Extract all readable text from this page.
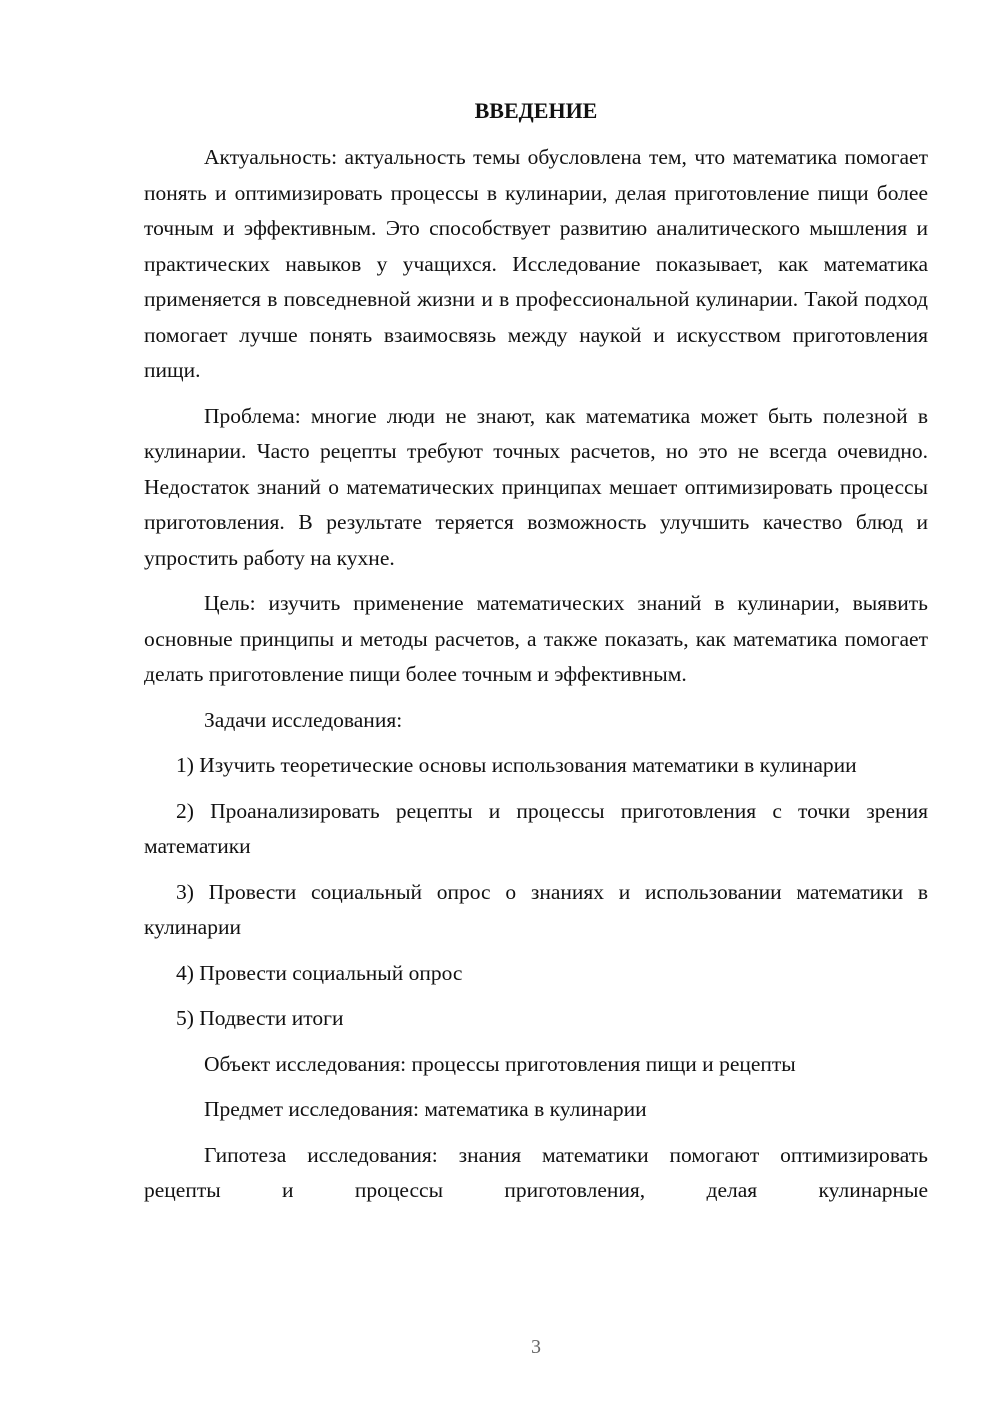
ВВЕДЕНИЕ

Актуальность: актуальность темы обусловлена тем, что математика помогает понять и оптимизировать процессы в кулинарии, делая приготовление пищи более точным и эффективным. Это способствует развитию аналитического мышления и практических навыков у учащихся. Исследование показывает, как математика применяется в повседневной жизни и в профессиональной кулинарии. Такой подход помогает лучше понять взаимосвязь между наукой и искусством приготовления пищи.

Проблема: многие люди не знают, как математика может быть полезной в кулинарии. Часто рецепты требуют точных расчетов, но это не всегда очевидно. Недостаток знаний о математических принципах мешает оптимизировать процессы приготовления. В результате теряется возможность улучшить качество блюд и упростить работу на кухне.

Цель: изучить применение математических знаний в кулинарии, выявить основные принципы и методы расчетов, а также показать, как математика помогает делать приготовление пищи более точным и эффективным.

Задачи исследования:

1) Изучить теоретические основы использования математики в кулинарии

2) Проанализировать рецепты и процессы приготовления с точки зрения математики

3) Провести социальный опрос о знаниях и использовании математики в кулинарии

4) Провести социальный опрос

5) Подвести итоги

Объект исследования: процессы приготовления пищи и рецепты

Предмет исследования: математика в кулинарии

Гипотеза исследования: знания математики помогают оптимизировать рецепты и процессы приготовления, делая кулинарные

3
